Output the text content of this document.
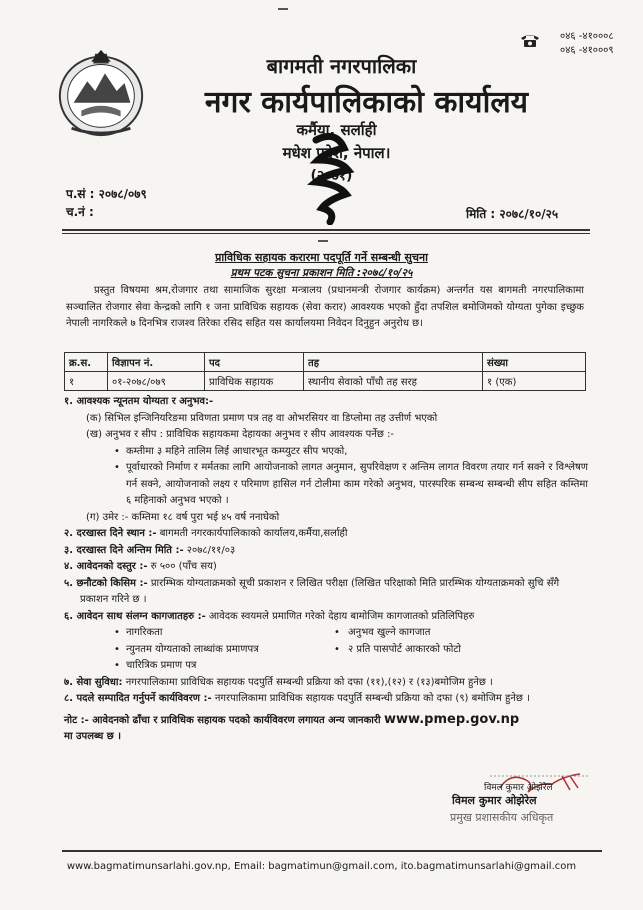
०४६ -४१०००८
०४६ -४१०००९
बागमती नगरपालिका
नगर कार्यपालिकाको कार्यालय
कर्मैया, सर्लाही
मधेश प्रदेश, नेपाल।
(२०७१)
प.सं : २०७८/०७९
च.नं :	मिति : २०७८/१०/२५
प्राविधिक सहायक करारमा पदपूर्ति गर्ने सम्बन्धी सुचना
प्रथम पटक सुचना प्रकाशन मिति :२०७८/१०/२५
प्रस्तुत विषयमा श्रम,रोजगार तथा सामाजिक सुरक्षा मन्त्रालय (प्रधानमन्त्री रोजगार कार्यक्रम) अन्तर्गत यस बागमती नगरपालिकामा सञ्चालित रोजगार सेवा केन्द्रको लागि १ जना प्राविधिक सहायक (सेवा करार) आवश्यक भएको हुँदा तपशिल बमोजिमको योग्यता पुगेका इच्छुक नेपाली नागरिकले ७ दिनभित्र राजश्व तिरेका रसिद सहित यस कार्यालयमा निवेदन दिनुहुन अनुरोध छ।
क्र.स.	विज्ञापन नं.	पद	तह	संख्या
१	०१-२०७८/०७९	प्राविधिक सहायक	स्थानीय सेवाको पाँचौ तह सरह	१ (एक)
१. आवश्यक न्यूनतम योग्यता र अनुभव:-
(क) सिभिल इन्जिनियरिङमा प्रविणता प्रमाण पत्र तह वा ओभरसियर वा डिप्लोमा तह उत्तीर्ण भएको
(ख) अनुभव र सीप : प्राविधिक सहायकमा देहायका अनुभव र सीप आवश्यक पर्नेछ :-
• कम्तीमा ३ महिने तालिम लिई आधारभूत कम्प्युटर सीप भएको,
• पूर्वाधारको निर्माण र मर्मतका लागि आयोजनाको लागत अनुमान, सुपरिवेक्षण र अन्तिम लागत विवरण तयार गर्न सक्ने र विश्लेषण गर्न सक्ने, आयोजनाको लक्ष्य र परिमाण हासिल गर्न टोलीमा काम गरेको अनुभव, पारस्परिक सम्बन्ध सम्बन्धी सीप सहित कम्तिमा ६ महिनाको अनुभव भएको ।
(ग) उमेर :- कम्तिमा १८ वर्ष पुरा भई ४५ वर्ष ननाघेको
२. दरखास्त दिने स्थान :- बागमती नगरकार्यपालिकाको कार्यालय,कर्मैया,सर्लाही
३. दरखास्त दिने अन्तिम मिति :- २०७८/११/०३
४. आवेदनको दस्तुर :- रु ५०० (पाँच सय)
५. छनौटको किसिम :- प्रारम्भिक योग्यताक्रमको सूची प्रकाशन र लिखित परीक्षा (लिखित परिक्षाको मिति प्रारम्भिक योग्यताक्रमको सुचि सँगै प्रकाशन गरिने छ ।
६. आवेदन साथ संलग्न कागजातहरु :- आवेदक स्वयमले प्रमाणित गरेको देहाय बामोजिम कागजातको प्रतिलिपिहरु
• नागरिकता	• अनुभव खुल्ने कागजात
• न्युनतम योग्यताको लाब्धांक प्रमाणपत्र	• २ प्रति पासपोर्ट आकारको फोटो
• चारित्रिक प्रमाण पत्र
७. सेवा सुविधा: नगरपालिकामा प्राविधिक सहायक पदपुर्ति सम्बन्धी प्रक्रिया को दफा (११),(१२) र (१३)बमोजिम हुनेछ ।
८. पदले सम्पादित गर्नुपर्ने कार्यविवरण :- नगरपालिकामा प्राविधिक सहायक पदपुर्ति सम्बन्धी प्रक्रिया को दफा (९) बमोजिम हुनेछ ।
नोट :- आवेदनको ढाँचा र प्राविधिक सहायक पदको कार्यविवरण लगायत अन्य जानकारी www.pmep.gov.np
मा उपलब्ध छ ।
विमल कुमार ओझेरेल
विमल कुमार ओझेरेल
प्रमुख प्रशासकीय अधिकृत
www.bagmatimunsarlahi.gov.np, Email: bagmatimun@gmail.com, ito.bagmatimunsarlahi@gmail.com
